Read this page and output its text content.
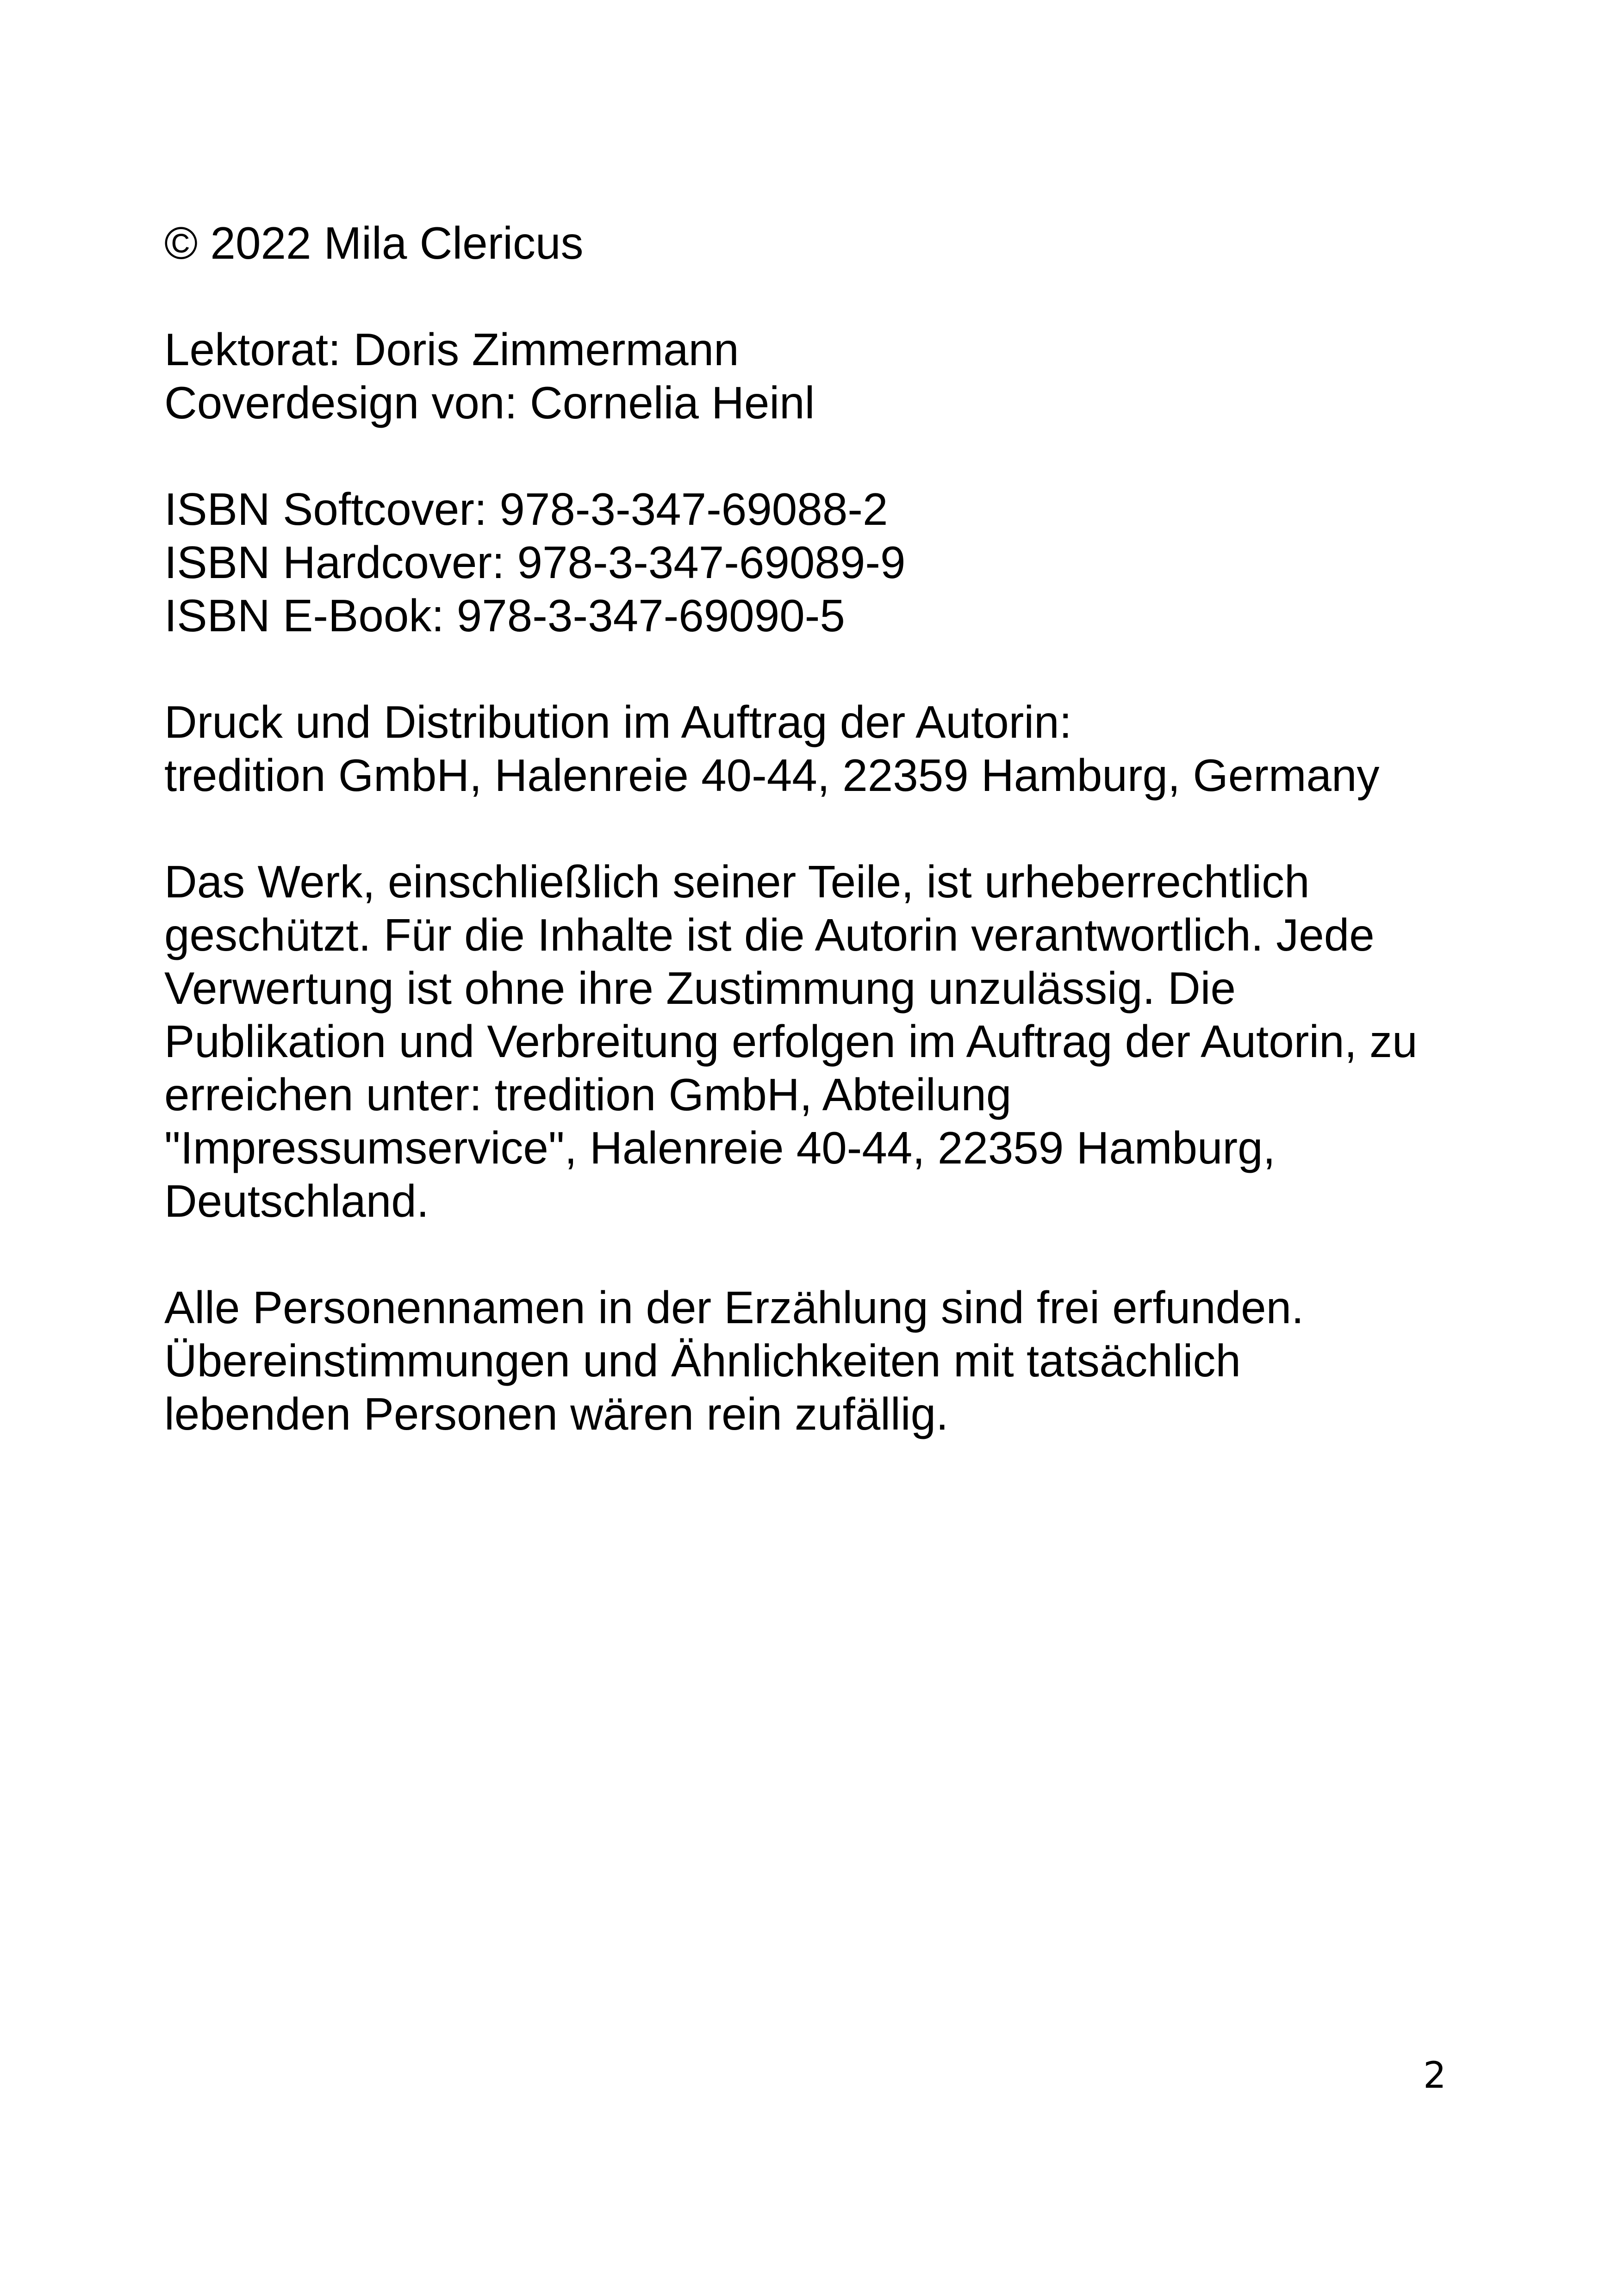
© 2022 Mila Clericus

Lektorat: Doris Zimmermann
Coverdesign von: Cornelia Heinl

ISBN Softcover: 978-3-347-69088-2
ISBN Hardcover: 978-3-347-69089-9
ISBN E-Book: 978-3-347-69090-5

Druck und Distribution im Auftrag der Autorin:
tredition GmbH, Halenreie 40-44, 22359 Hamburg, Germany

Das Werk, einschließlich seiner Teile, ist urheberrechtlich
geschützt. Für die Inhalte ist die Autorin verantwortlich. Jede
Verwertung ist ohne ihre Zustimmung unzulässig. Die
Publikation und Verbreitung erfolgen im Auftrag der Autorin, zu
erreichen unter: tredition GmbH, Abteilung
"Impressumservice", Halenreie 40-44, 22359 Hamburg,
Deutschland.

Alle Personennamen in der Erzählung sind frei erfunden.
Übereinstimmungen und Ähnlichkeiten mit tatsächlich
lebenden Personen wären rein zufällig.

2
